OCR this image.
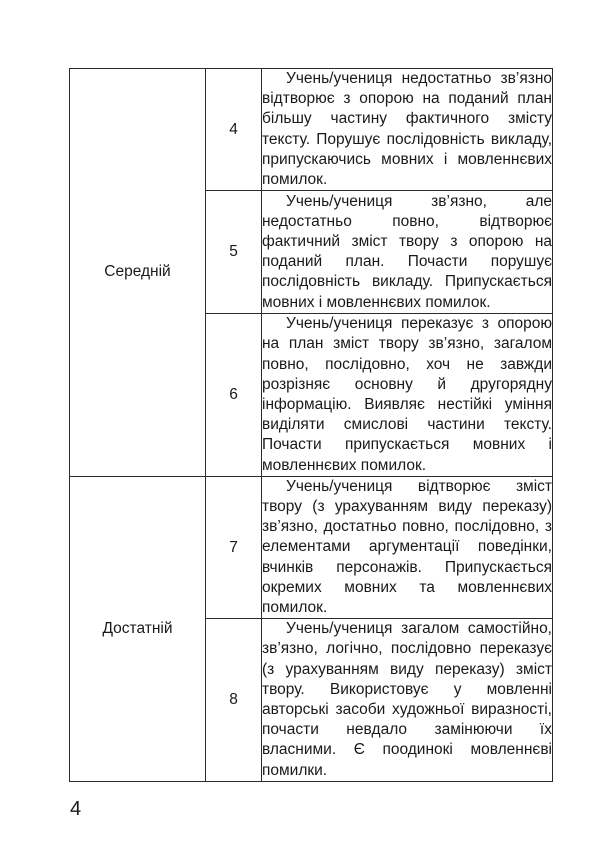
Середній	4	Учень/учениця недостатньо зв’язно відтворює з опорою на поданий план більшу частину фактичного змісту тексту. Порушує послідовність викладу, припускаючись мовних і мовленнєвих помилок.
	5	Учень/учениця зв’язно, але недостатньо повно, відтворює фактичний зміст твору з опорою на поданий план. Почасти порушує послідовність викладу. Припускається мовних і мовленнєвих помилок.
	6	Учень/учениця переказує з опорою на план зміст твору зв’язно, загалом повно, послідовно, хоч не завжди розрізняє основну й другорядну інформацію. Виявляє нестійкі уміння виділяти смислові частини тексту. Почасти припускається мовних і мовленнєвих помилок.
Достатній	7	Учень/учениця відтворює зміст твору (з урахуванням виду переказу) зв’язно, достатньо повно, послідовно, з елементами аргументації поведінки, вчинків персонажів. Припускається окремих мовних та мовленнєвих помилок.
	8	Учень/учениця загалом самостійно, зв’язно, логічно, послідовно переказує (з урахуванням виду переказу) зміст твору. Використовує у мовленні авторські засоби художньої виразності, почасти невдало замінюючи їх власними. Є поодинокі мовленнєві помилки.
4
